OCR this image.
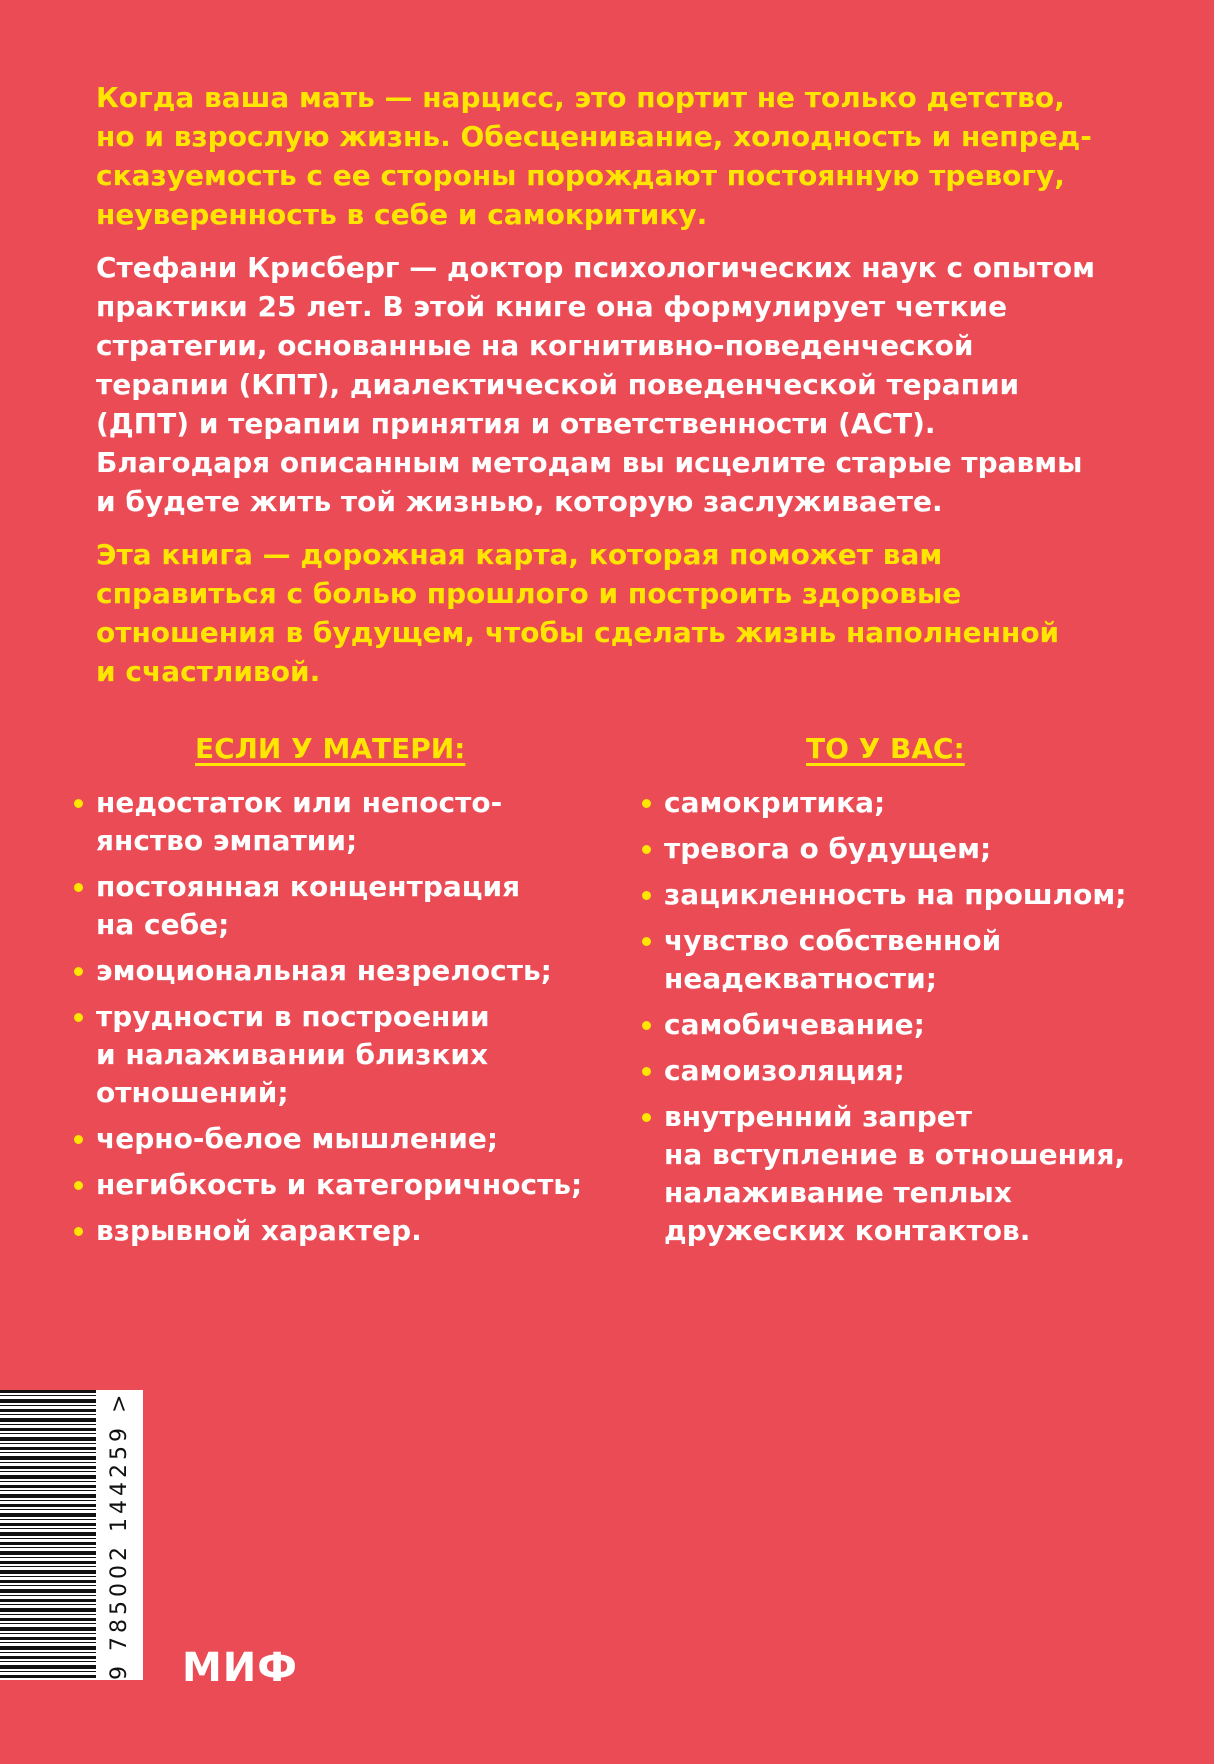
Когда ваша мать — нарцисс, это портит не только детство,
но и взрослую жизнь. Обесценивание, холодность и непред-
сказуемость с ее стороны порождают постоянную тревогу,
неуверенность в себе и самокритику.

Стефани Крисберг — доктор психологических наук с опытом
практики 25 лет. В этой книге она формулирует четкие
стратегии, основанные на когнитивно-поведенческой
терапии (КПТ), диалектической поведенческой терапии
(ДПТ) и терапии принятия и ответственности (АСТ).
Благодаря описанным методам вы исцелите старые травмы
и будете жить той жизнью, которую заслуживаете.

Эта книга — дорожная карта, которая поможет вам
справиться с болью прошлого и построить здоровые
отношения в будущем, чтобы сделать жизнь наполненной
и счастливой.

ЕСЛИ У МАТЕРИ:
недостаток или непосто-
янство эмпатии;
постоянная концентрация
на себе;
эмоциональная незрелость;
трудности в построении
и налаживании близких
отношений;
черно-белое мышление;
негибкость и категоричность;
взрывной характер.
ТО У ВАС:
самокритика;
тревога о будущем;
зацикленность на прошлом;
чувство собственной
неадекватности;
самобичевание;
самоизоляция;
внутренний запрет
на вступление в отношения,
налаживание теплых
дружеских контактов.
9 785002 144259 > МИФ
